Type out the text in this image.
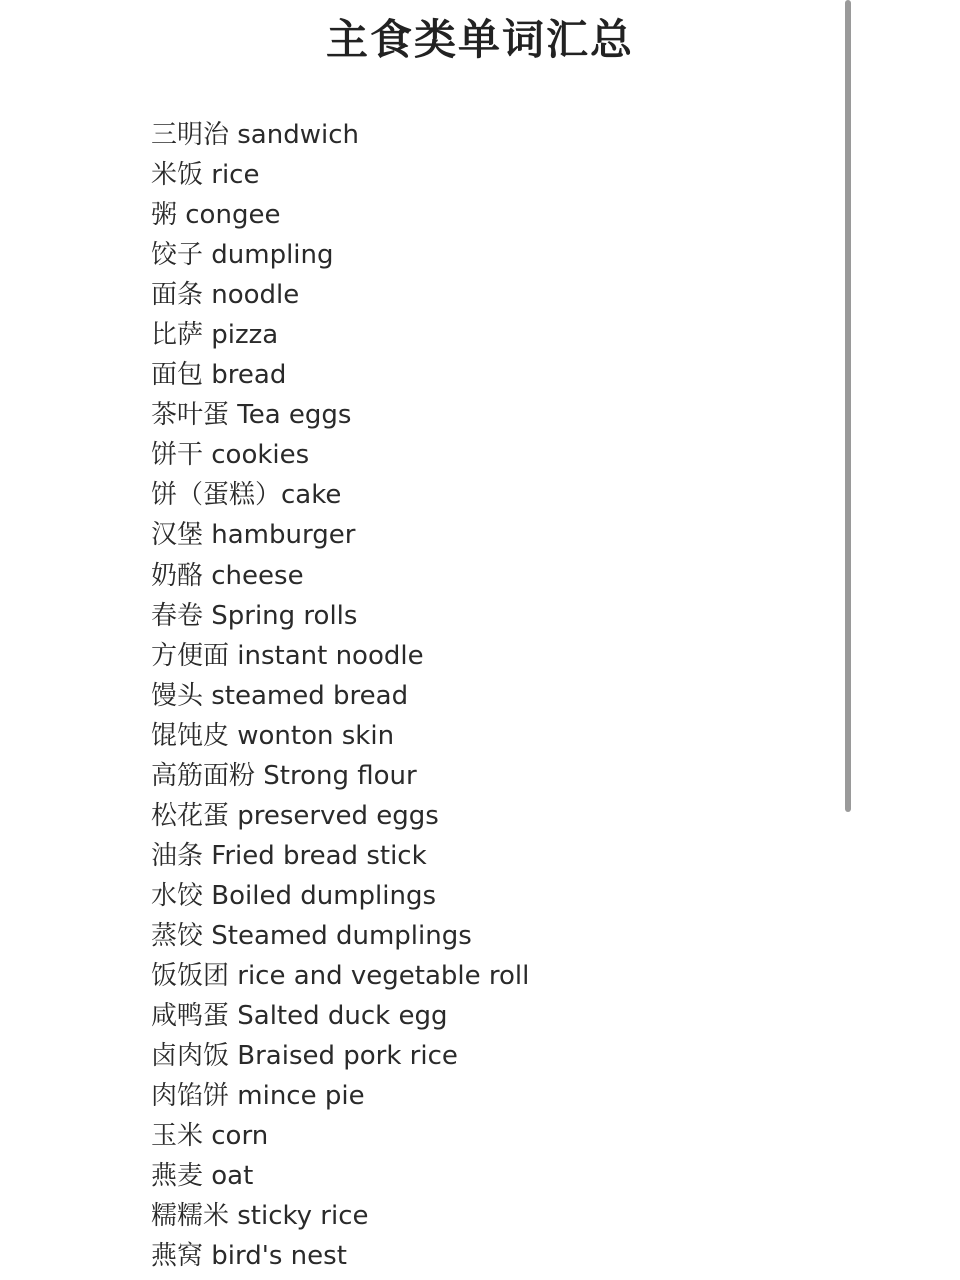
主食类单词汇总
三明治 sandwich
米饭 rice
粥 congee
饺子 dumpling
面条 noodle
比萨 pizza
面包 bread
茶叶蛋 Tea eggs
饼干 cookies
饼（蛋糕）cake
汉堡 hamburger
奶酪 cheese
春卷 Spring rolls
方便面 instant noodle
馒头 steamed bread
馄饨皮 wonton skin
高筋面粉 Strong flour
松花蛋 preserved eggs
油条 Fried bread stick
水饺 Boiled dumplings
蒸饺 Steamed dumplings
饭饭团 rice and vegetable roll
咸鸭蛋 Salted duck egg
卤肉饭 Braised pork rice
肉馅饼 mince pie
玉米 corn
燕麦 oat
糯糯米 sticky rice
燕窝 bird's nest
